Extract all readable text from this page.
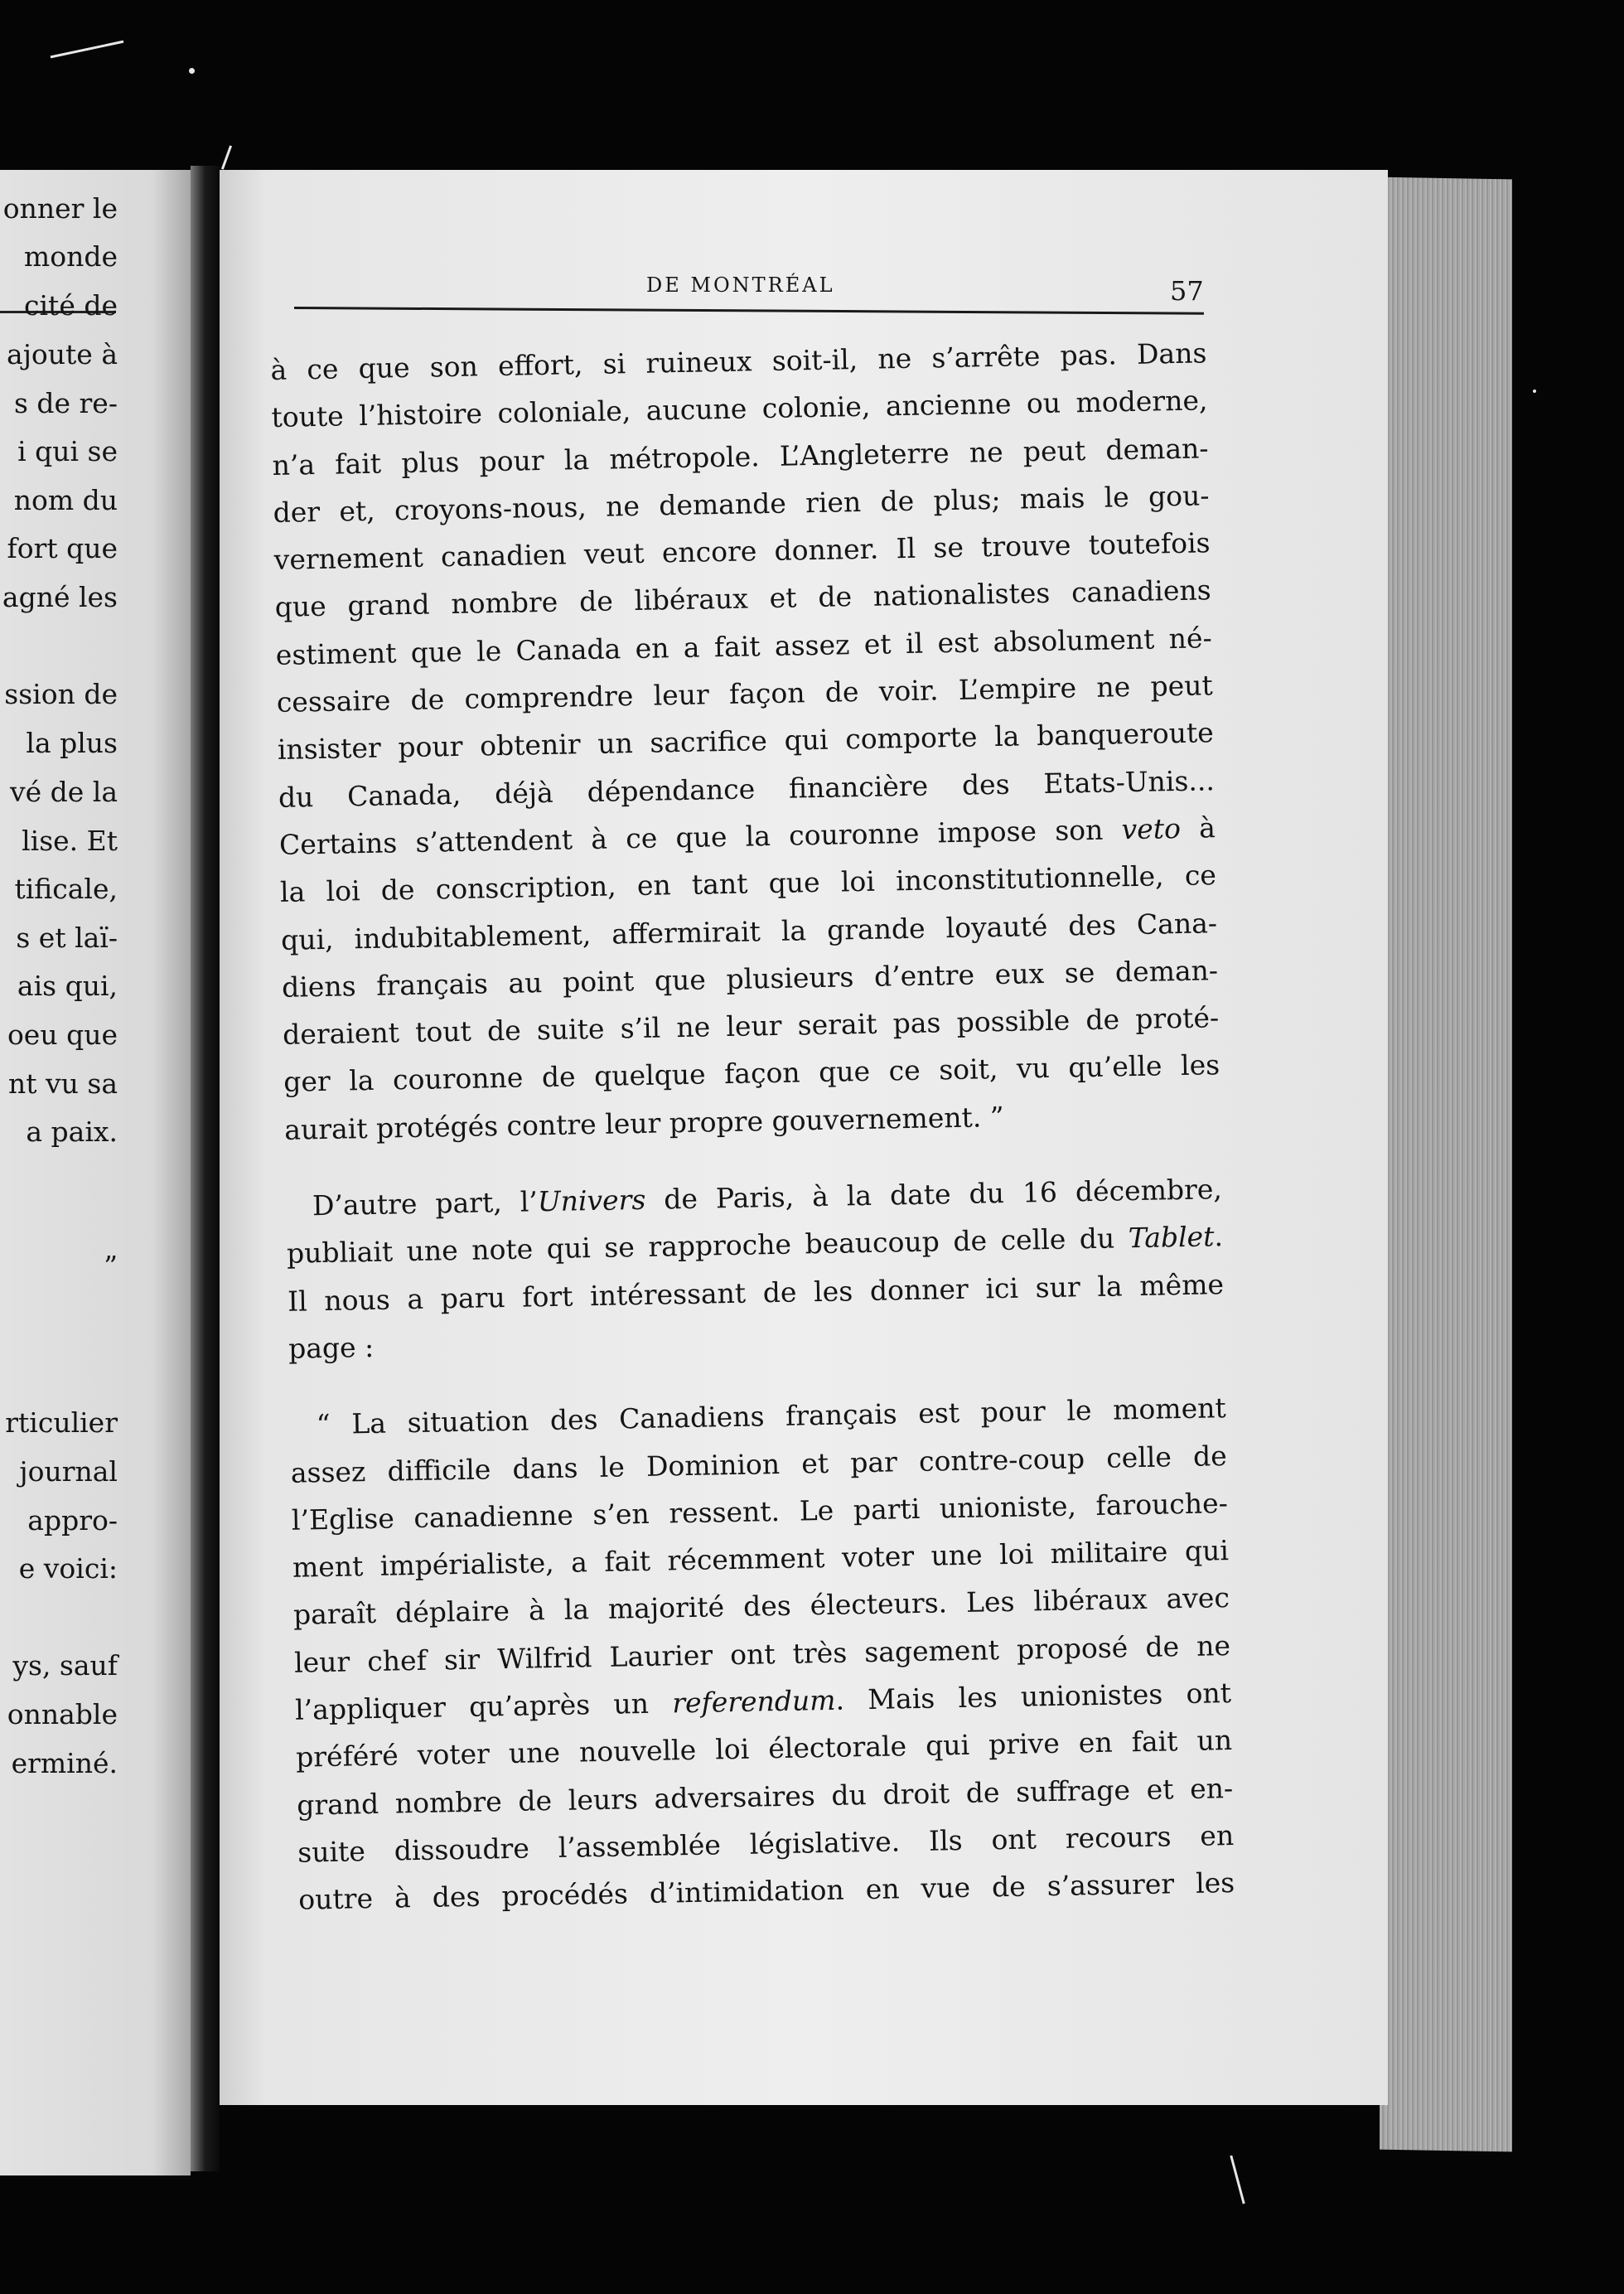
onner le
monde
cité de
ajoute à
s de re-
i qui se
nom du
fort que
agné les
ssion de
la plus
vé de la
lise. Et
tificale,
s et laï-
ais qui,
oeu que
nt vu sa
a paix.
”
rticulier
journal
appro-
e voici:
ys, sauf
onnable
erminé.
DE MONTRÉAL	57
à ce que son effort, si ruineux soit-il, ne s’arrête pas. Dans
toute l’histoire coloniale, aucune colonie, ancienne ou moderne,
n’a fait plus pour la métropole. L’Angleterre ne peut deman-
der et, croyons-nous, ne demande rien de plus; mais le gou-
vernement canadien veut encore donner. Il se trouve toutefois
que grand nombre de libéraux et de nationalistes canadiens
estiment que le Canada en a fait assez et il est absolument né-
cessaire de comprendre leur façon de voir. L’empire ne peut
insister pour obtenir un sacrifice qui comporte la banqueroute
du Canada, déjà dépendance financière des Etats-Unis...
Certains s’attendent à ce que la couronne impose son veto à
la loi de conscription, en tant que loi inconstitutionnelle, ce
qui, indubitablement, affermirait la grande loyauté des Cana-
diens français au point que plusieurs d’entre eux se deman-
deraient tout de suite s’il ne leur serait pas possible de proté-
ger la couronne de quelque façon que ce soit, vu qu’elle les
aurait protégés contre leur propre gouvernement. ”
D’autre part, l’Univers de Paris, à la date du 16 décembre,
publiait une note qui se rapproche beaucoup de celle du Tablet.
Il nous a paru fort intéressant de les donner ici sur la même
page :
“ La situation des Canadiens français est pour le moment
assez difficile dans le Dominion et par contre-coup celle de
l’Eglise canadienne s’en ressent. Le parti unioniste, farouche-
ment impérialiste, a fait récemment voter une loi militaire qui
paraît déplaire à la majorité des électeurs. Les libéraux avec
leur chef sir Wilfrid Laurier ont très sagement proposé de ne
l’appliquer qu’après un referendum. Mais les unionistes ont
préféré voter une nouvelle loi électorale qui prive en fait un
grand nombre de leurs adversaires du droit de suffrage et en-
suite dissoudre l’assemblée législative. Ils ont recours en
outre à des procédés d’intimidation en vue de s’assurer les
